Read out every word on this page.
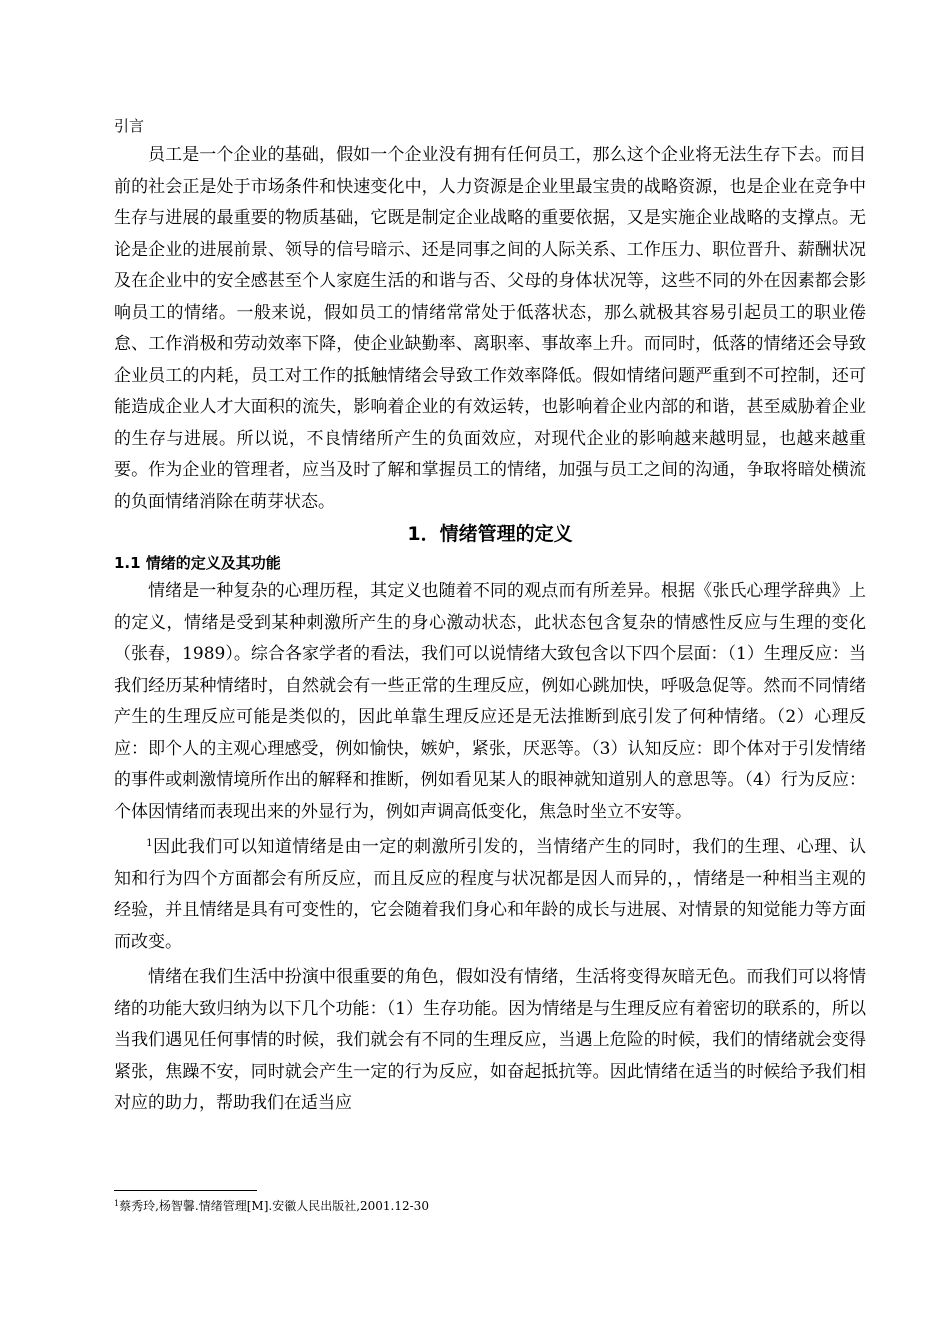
引言

员工是一个企业的基础，假如一个企业没有拥有任何员工，那么这个企业将无法生存下去。而目前的社会正是处于市场条件和快速变化中，人力资源是企业里最宝贵的战略资源，也是企业在竞争中生存与进展的最重要的物质基础，它既是制定企业战略的重要依据，又是实施企业战略的支撑点。无论是企业的进展前景、领导的信号暗示、还是同事之间的人际关系、工作压力、职位晋升、薪酬状况及在企业中的安全感甚至个人家庭生活的和谐与否、父母的身体状况等，这些不同的外在因素都会影响员工的情绪。一般来说，假如员工的情绪常常处于低落状态，那么就极其容易引起员工的职业倦怠、工作消极和劳动效率下降，使企业缺勤率、离职率、事故率上升。而同时，低落的情绪还会导致企业员工的内耗，员工对工作的抵触情绪会导致工作效率降低。假如情绪问题严重到不可控制，还可能造成企业人才大面积的流失，影响着企业的有效运转，也影响着企业内部的和谐，甚至威胁着企业的生存与进展。所以说，不良情绪所产生的负面效应，对现代企业的影响越来越明显，也越来越重要。作为企业的管理者，应当及时了解和掌握员工的情绪，加强与员工之间的沟通，争取将暗处横流的负面情绪消除在萌芽状态。

1．情绪管理的定义

1.1 情绪的定义及其功能

情绪是一种复杂的心理历程，其定义也随着不同的观点而有所差异。根据《张氏心理学辞典》上的定义，情绪是受到某种刺激所产生的身心激动状态，此状态包含复杂的情感性反应与生理的变化（张春，1989）。综合各家学者的看法，我们可以说情绪大致包含以下四个层面：（1）生理反应：当我们经历某种情绪时，自然就会有一些正常的生理反应，例如心跳加快，呼吸急促等。然而不同情绪产生的生理反应可能是类似的，因此单靠生理反应还是无法推断到底引发了何种情绪。（2）心理反应：即个人的主观心理感受，例如愉快，嫉妒，紧张，厌恶等。（3）认知反应：即个体对于引发情绪的事件或刺激情境所作出的解释和推断，例如看见某人的眼神就知道别人的意思等。（4）行为反应：个体因情绪而表现出来的外显行为，例如声调高低变化，焦急时坐立不安等。

$^1$因此我们可以知道情绪是由一定的刺激所引发的，当情绪产生的同时，我们的生理、心理、认知和行为四个方面都会有所反应，而且反应的程度与状况都是因人而异的，，情绪是一种相当主观的经验，并且情绪是具有可变性的，它会随着我们身心和年龄的成长与进展、对情景的知觉能力等方面而改变。

情绪在我们生活中扮演中很重要的角色，假如没有情绪，生活将变得灰暗无色。而我们可以将情绪的功能大致归纳为以下几个功能：（1）生存功能。因为情绪是与生理反应有着密切的联系的，所以当我们遇见任何事情的时候，我们就会有不同的生理反应，当遇上危险的时候，我们的情绪就会变得紧张，焦躁不安，同时就会产生一定的行为反应，如奋起抵抗等。因此情绪在适当的时候给予我们相对应的助力，帮助我们在适当应

$^1$蔡秀玲,杨智馨.情绪管理[M].安徽人民出版社,2001.12-30
